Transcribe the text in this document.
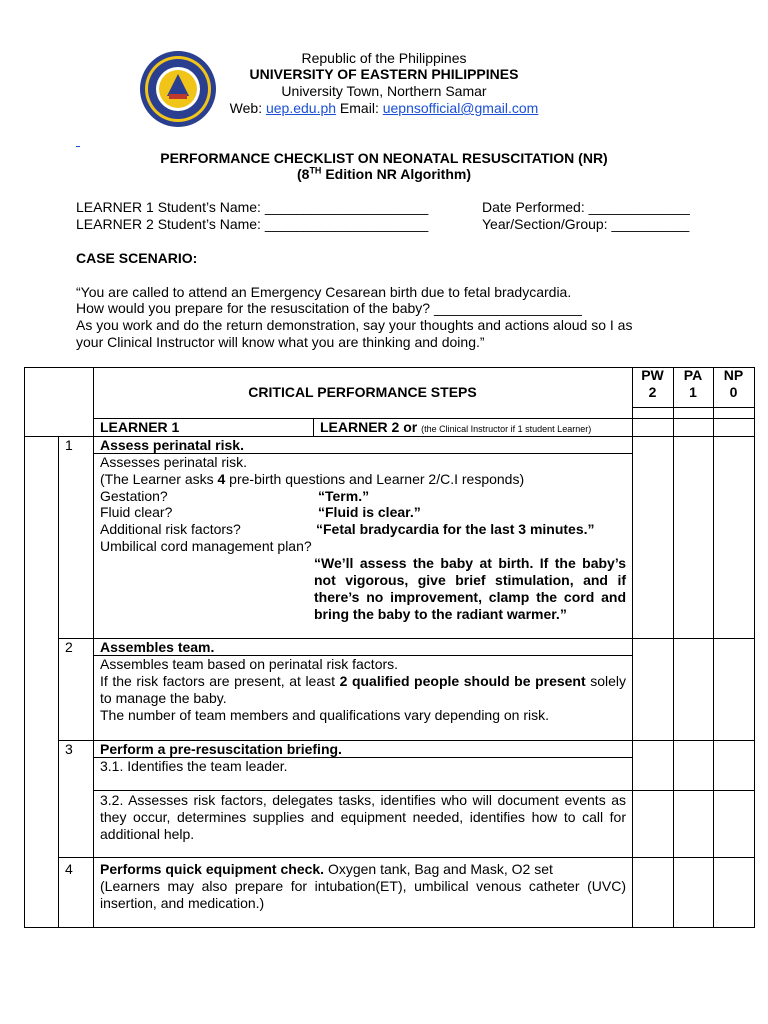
Republic of the Philippines
UNIVERSITY OF EASTERN PHILIPPINES
University Town, Northern Samar
Web: uep.edu.ph Email: uepnsofficial@gmail.com
PERFORMANCE CHECKLIST ON NEONATAL RESUSCITATION (NR)
(8TH Edition NR Algorithm)
LEARNER 1 Student’s Name: _____________________
LEARNER 2 Student’s Name: _____________________
Date Performed: _____________
Year/Section/Group: __________
CASE SCENARIO:
“You are called to attend an Emergency Cesarean birth due to fetal bradycardia.
How would you prepare for the resuscitation of the baby? ___________________
As you work and do the return demonstration, say your thoughts and actions aloud so I as
your Clinical Instructor will know what you are thinking and doing.”
CRITICAL PERFORMANCE STEPS
PW
2
PA
1
NP
0
LEARNER 1	LEARNER 2 or (the Clinical Instructor if 1 student Learner)
1 Assess perinatal risk.
Assesses perinatal risk.
(The Learner asks 4 pre-birth questions and Learner 2/C.I responds)
Gestation?	“Term.”
Fluid clear?	“Fluid is clear.”
Additional risk factors?	“Fetal bradycardia for the last 3 minutes.”
Umbilical cord management plan?
“We’ll assess the baby at birth. If the baby’s not vigorous, give brief stimulation, and if there’s no improvement, clamp the cord and bring the baby to the radiant warmer.”
2 Assembles team.
Assembles team based on perinatal risk factors.
If the risk factors are present, at least 2 qualified people should be present solely to manage the baby.
The number of team members and qualifications vary depending on risk.
3 Perform a pre-resuscitation briefing.
3.1. Identifies the team leader.
3.2. Assesses risk factors, delegates tasks, identifies who will document events as they occur, determines supplies and equipment needed, identifies how to call for additional help.
4 Performs quick equipment check. Oxygen tank, Bag and Mask, O2 set
(Learners may also prepare for intubation(ET), umbilical venous catheter (UVC) insertion, and medication.)
